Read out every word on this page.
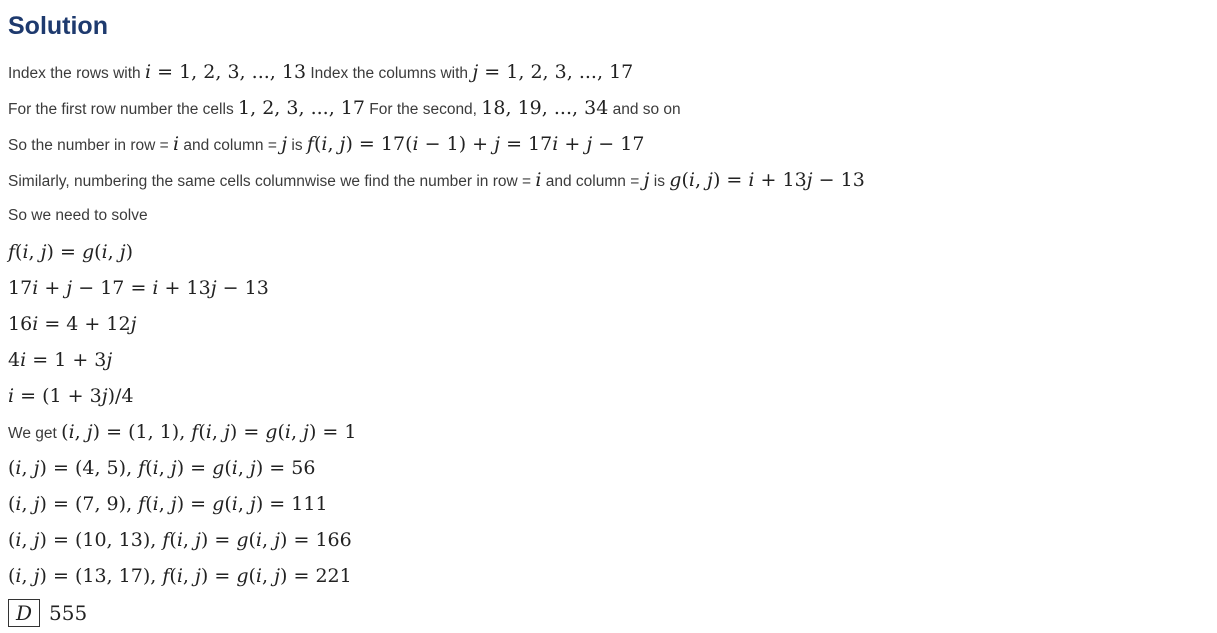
Solution
Index the rows with i = 1, 2, 3, ..., 13 Index the columns with j = 1, 2, 3, ..., 17
For the first row number the cells 1, 2, 3, ..., 17 For the second, 18, 19, ..., 34 and so on
So the number in row = i and column = j is f(i, j) = 17(i − 1) + j = 17i + j − 17
Similarly, numbering the same cells columnwise we find the number in row = i and column = j is g(i, j) = i + 13j − 13
So we need to solve
f(i, j) = g(i, j)
17i + j − 17 = i + 13j − 13
16i = 4 + 12j
4i = 1 + 3j
i = (1 + 3j)/4
We get (i, j) = (1, 1), f(i, j) = g(i, j) = 1
(i, j) = (4, 5), f(i, j) = g(i, j) = 56
(i, j) = (7, 9), f(i, j) = g(i, j) = 111
(i, j) = (10, 13), f(i, j) = g(i, j) = 166
(i, j) = (13, 17), f(i, j) = g(i, j) = 221
D 555
